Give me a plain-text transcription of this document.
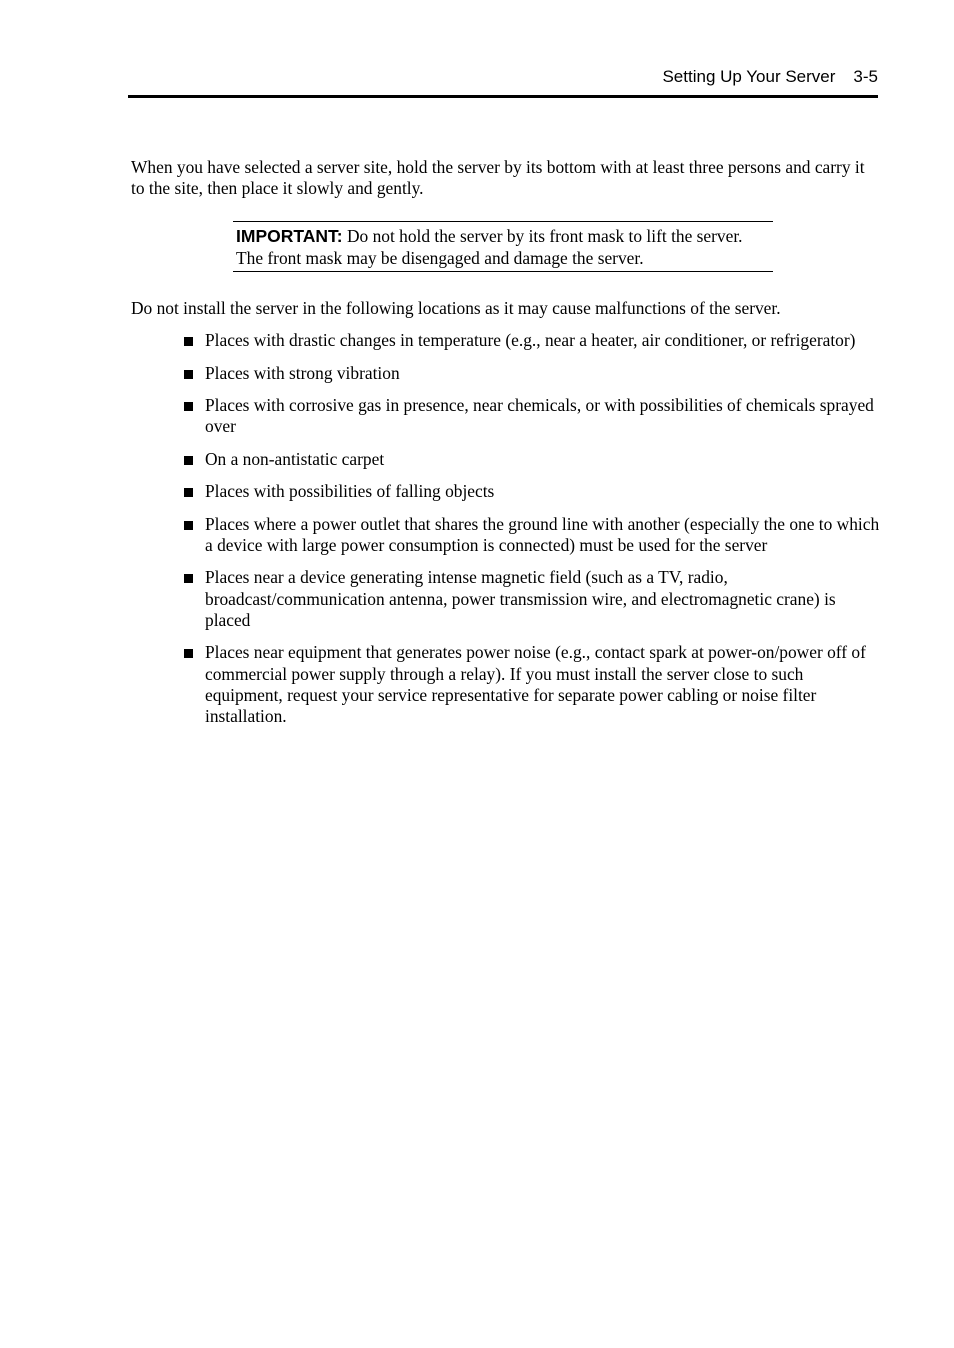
Setting Up Your Server 3-5

When you have selected a server site, hold the server by its bottom with at least three persons and carry it to the site, then place it slowly and gently.

IMPORTANT: Do not hold the server by its front mask to lift the server. The front mask may be disengaged and damage the server.

Do not install the server in the following locations as it may cause malfunctions of the server.

Places with drastic changes in temperature (e.g., near a heater, air conditioner, or refrigerator)
Places with strong vibration
Places with corrosive gas in presence, near chemicals, or with possibilities of chemicals sprayed over
On a non-antistatic carpet
Places with possibilities of falling objects
Places where a power outlet that shares the ground line with another (especially the one to which a device with large power consumption is connected) must be used for the server
Places near a device generating intense magnetic field (such as a TV, radio, broadcast/communication antenna, power transmission wire, and electromagnetic crane) is placed
Places near equipment that generates power noise (e.g., contact spark at power-on/power off of commercial power supply through a relay). If you must install the server close to such equipment, request your service representative for separate power cabling or noise filter installation.
